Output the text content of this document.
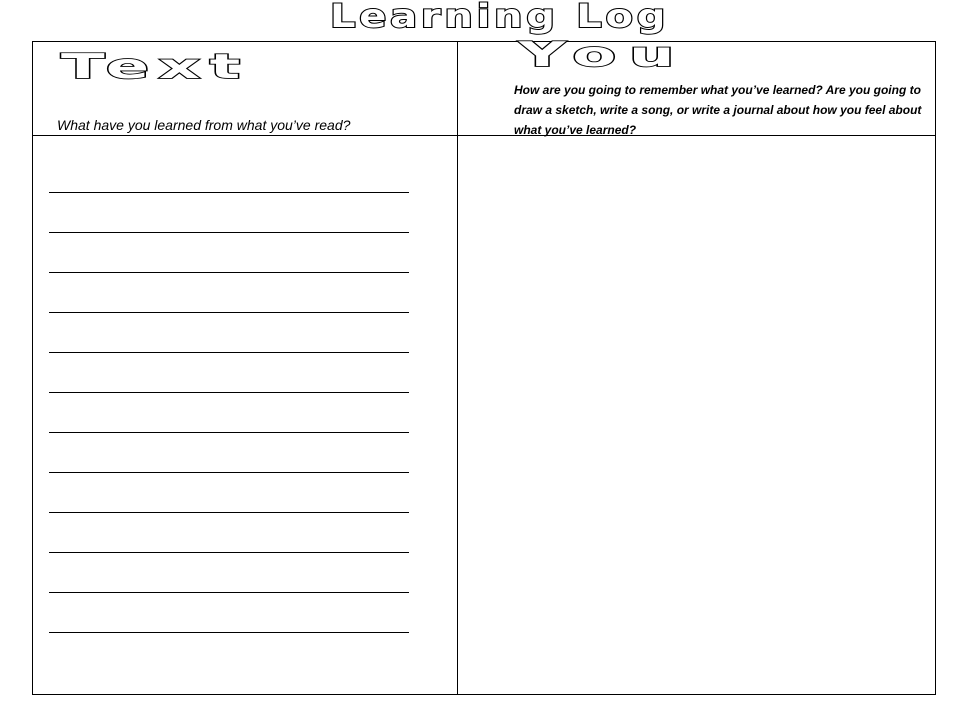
Learning Log
Text

What have you learned from what you’ve read?

You

How are you going to remember what you’ve learned? Are you going to draw a sketch, write a song, or write a journal about how you feel about what you’ve learned?
